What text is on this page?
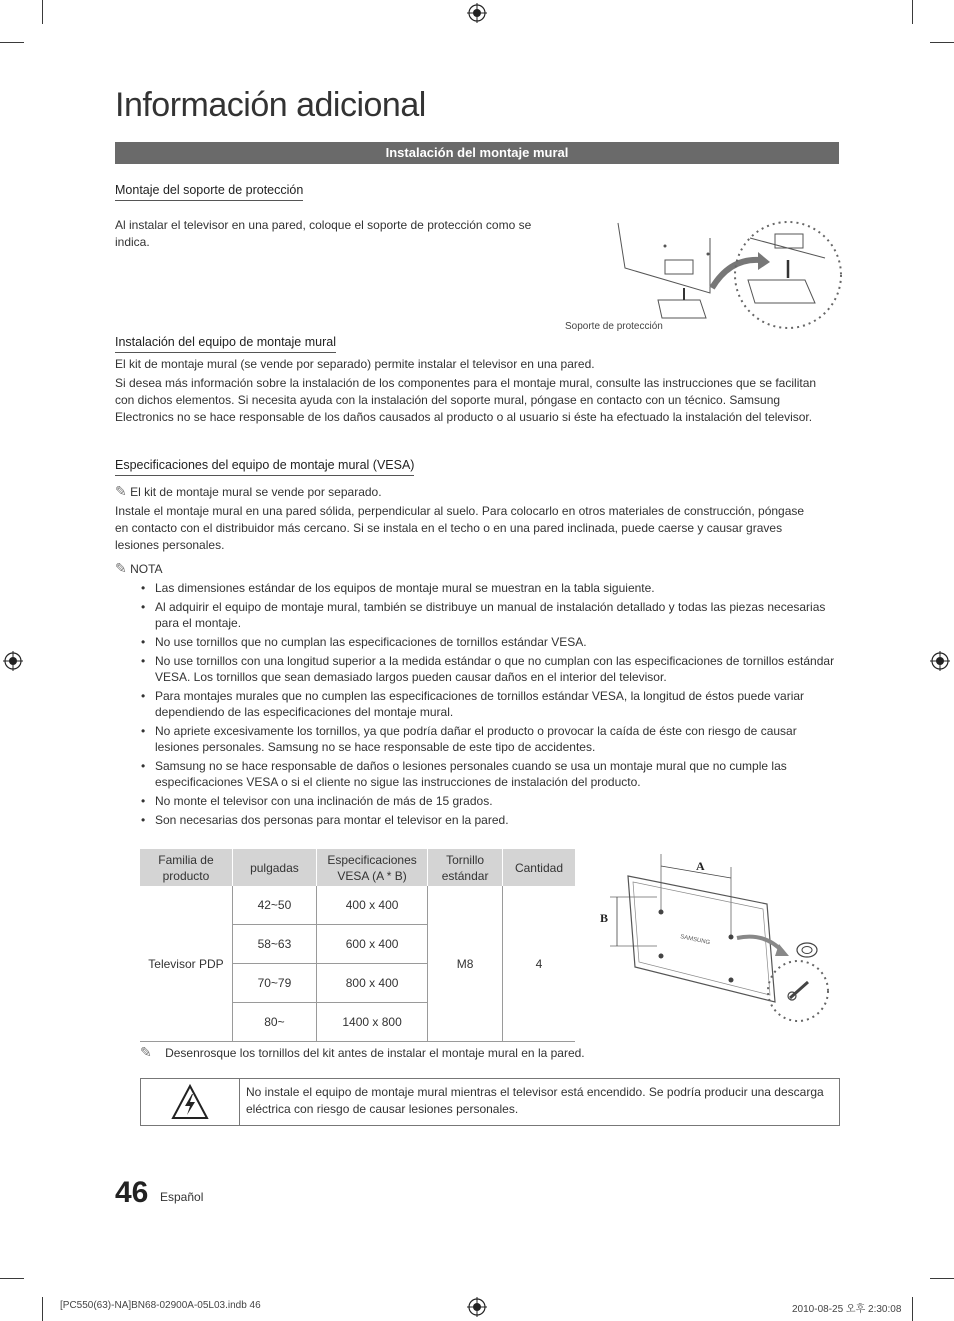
Información adicional
Instalación del montaje mural
Montaje del soporte de protección
Al instalar el televisor en una pared, coloque el soporte de protección como se indica.
Soporte de protección
Instalación del equipo de montaje mural
El kit de montaje mural (se vende por separado) permite instalar el televisor en una pared.
Si desea más información sobre la instalación de los componentes para el montaje mural, consulte las instrucciones que se facilitan con dichos elementos. Si necesita ayuda con la instalación del soporte mural, póngase en contacto con un técnico. Samsung Electronics no se hace responsable de los daños causados al producto o al usuario si éste ha efectuado la instalación del televisor.
Especificaciones del equipo de montaje mural (VESA)
✎ El kit de montaje mural se vende por separado.
Instale el montaje mural en una pared sólida, perpendicular al suelo. Para colocarlo en otros materiales de construcción, póngase en contacto con el distribuidor más cercano. Si se instala en el techo o en una pared inclinada, puede caerse y causar graves lesiones personales.
✎ NOTA
• Las dimensiones estándar de los equipos de montaje mural se muestran en la tabla siguiente.
• Al adquirir el equipo de montaje mural, también se distribuye un manual de instalación detallado y todas las piezas necesarias para el montaje.
• No use tornillos que no cumplan las especificaciones de tornillos estándar VESA.
• No use tornillos con una longitud superior a la medida estándar o que no cumplan con las especificaciones de tornillos estándar VESA. Los tornillos que sean demasiado largos pueden causar daños en el interior del televisor.
• Para montajes murales que no cumplen las especificaciones de tornillos estándar VESA, la longitud de éstos puede variar dependiendo de las especificaciones del montaje mural.
• No apriete excesivamente los tornillos, ya que podría dañar el producto o provocar la caída de éste con riesgo de causar lesiones personales. Samsung no se hace responsable de este tipo de accidentes.
• Samsung no se hace responsable de daños o lesiones personales cuando se usa un montaje mural que no cumple las especificaciones VESA o si el cliente no sigue las instrucciones de instalación del producto.
• No monte el televisor con una inclinación de más de 15 grados.
• Son necesarias dos personas para montar el televisor en la pared.
Familia de producto	pulgadas	Especificaciones VESA (A * B)	Tornillo estándar	Cantidad
Televisor PDP	42~50	400 x 400	M8	4
	58~63	600 x 400		
	70~79	800 x 400		
	80~	1400 x 800		
A
B
SAMSUNG
✎ Desenrosque los tornillos del kit antes de instalar el montaje mural en la pared.
No instale el equipo de montaje mural mientras el televisor está encendido. Se podría producir una descarga eléctrica con riesgo de causar lesiones personales.
46 Español
[PC550(63)-NA]BN68-02900A-05L03.indb 46	2010-08-25 오후 2:30:08
